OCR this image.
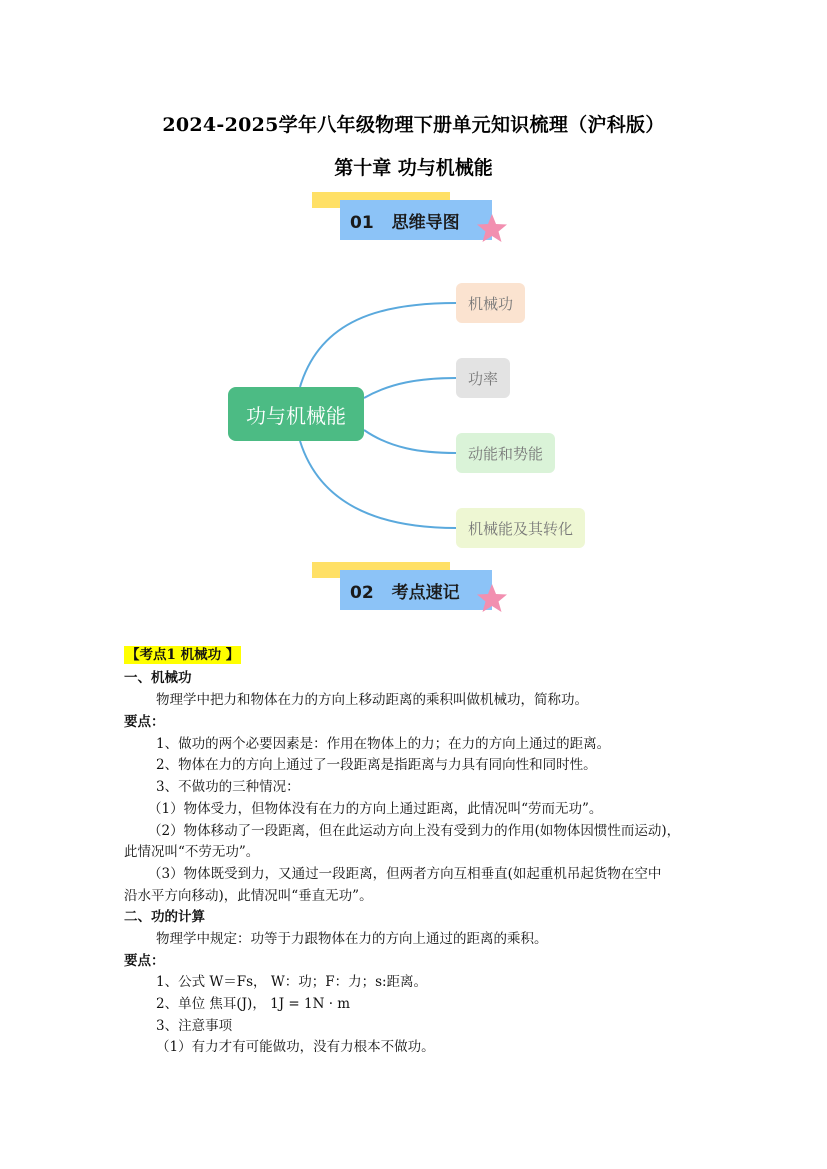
2024-2025学年八年级物理下册单元知识梳理（沪科版）
第十章 功与机械能
01 思维导图
功与机械能
机械功
功率
动能和势能
机械能及其转化
02 考点速记
【考点1 机械功 】
一、机械功
物理学中把力和物体在力的方向上移动距离的乘积叫做机械功，简称功。
要点：
1、做功的两个必要因素是：作用在物体上的力；在力的方向上通过的距离。
2、物体在力的方向上通过了一段距离是指距离与力具有同向性和同时性。
3、不做功的三种情况：
（1）物体受力，但物体没有在力的方向上通过距离，此情况叫“劳而无功”。
（2）物体移动了一段距离，但在此运动方向上没有受到力的作用(如物体因惯性而运动)，
此情况叫“不劳无功”。
（3）物体既受到力，又通过一段距离，但两者方向互相垂直(如起重机吊起货物在空中
沿水平方向移动)，此情况叫“垂直无功”。
二、功的计算
物理学中规定：功等于力跟物体在力的方向上通过的距离的乘积。
要点：
1、公式 W＝Fs， W：功；F：力；s:距离。
2、单位 焦耳(J)， 1J = 1N · m
3、注意事项
（1）有力才有可能做功，没有力根本不做功。
